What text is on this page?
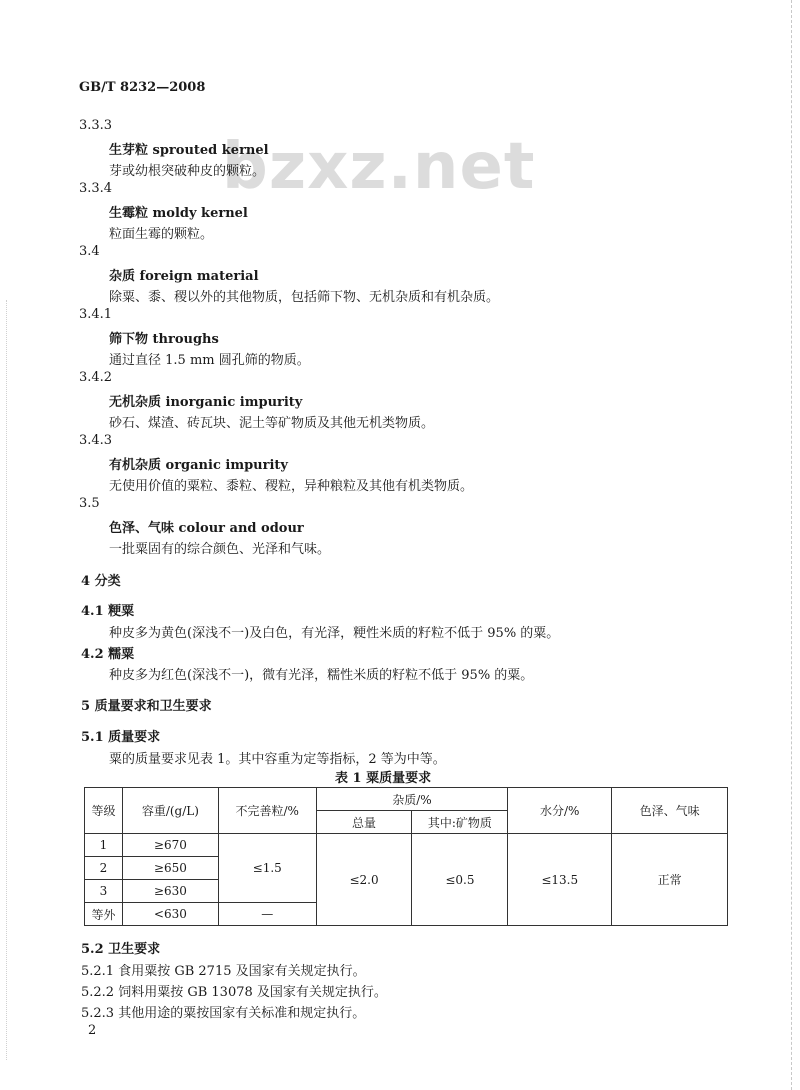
bzxz.net
GB/T 8232—2008
3.3.3
生芽粒 sprouted kernel
芽或幼根突破种皮的颗粒。
3.3.4
生霉粒 moldy kernel
粒面生霉的颗粒。
3.4
杂质 foreign material
除粟、黍、稷以外的其他物质，包括筛下物、无机杂质和有机杂质。
3.4.1
筛下物 throughs
通过直径 1.5 mm 圆孔筛的物质。
3.4.2
无机杂质 inorganic impurity
砂石、煤渣、砖瓦块、泥土等矿物质及其他无机类物质。
3.4.3
有机杂质 organic impurity
无使用价值的粟粒、黍粒、稷粒，异种粮粒及其他有机类物质。
3.5
色泽、气味 colour and odour
一批粟固有的综合颜色、光泽和气味。
4 分类
4.1 粳粟
种皮多为黄色(深浅不一)及白色，有光泽，粳性米质的籽粒不低于 95% 的粟。
4.2 糯粟
种皮多为红色(深浅不一)，微有光泽，糯性米质的籽粒不低于 95% 的粟。
5 质量要求和卫生要求
5.1 质量要求
粟的质量要求见表 1。其中容重为定等指标，2 等为中等。
表 1 粟质量要求
等级	容重/(g/L)	不完善粒/%	杂质/%		水分/%	色泽、气味
			总量	其中:矿物质		
1	≥670	≤1.5	≤2.0	≤0.5	≤13.5	正常
2	≥650					
3	≥630					
等外	<630	—				
5.2 卫生要求
5.2.1 食用粟按 GB 2715 及国家有关规定执行。
5.2.2 饲料用粟按 GB 13078 及国家有关规定执行。
5.2.3 其他用途的粟按国家有关标准和规定执行。
2
